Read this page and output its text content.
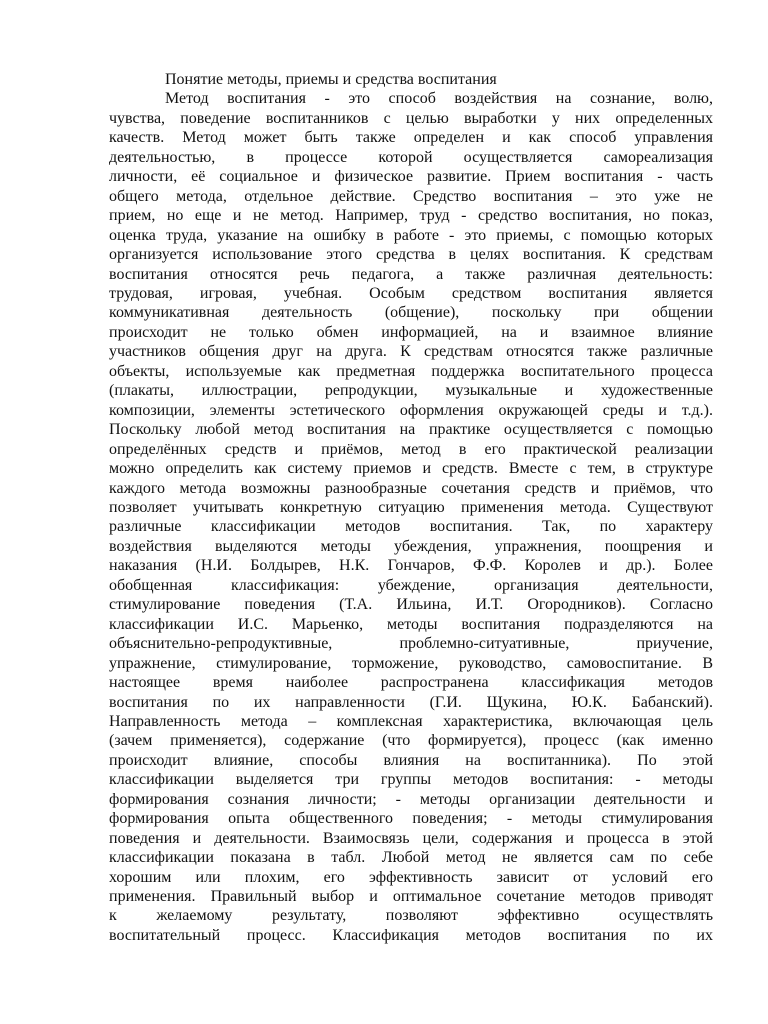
Понятие методы, приемы и средства воспитания
Метод воспитания - это способ воздействия на сознание, волю,
чувства, поведение воспитанников с целью выработки у них определенных
качеств. Метод может быть также определен и как способ управления
деятельностью, в процессе которой осуществляется самореализация
личности, её социальное и физическое развитие. Прием воспитания - часть
общего метода, отдельное действие. Средство воспитания – это уже не
прием, но еще и не метод. Например, труд - средство воспитания, но показ,
оценка труда, указание на ошибку в работе - это приемы, с помощью которых
организуется использование этого средства в целях воспитания. К средствам
воспитания относятся речь педагога, а также различная деятельность:
трудовая, игровая, учебная. Особым средством воспитания является
коммуникативная деятельность (общение), поскольку при общении
происходит не только обмен информацией, на и взаимное влияние
участников общения друг на друга. К средствам относятся также различные
объекты, используемые как предметная поддержка воспитательного процесса
(плакаты, иллюстрации, репродукции, музыкальные и художественные
композиции, элементы эстетического оформления окружающей среды и т.д.).
Поскольку любой метод воспитания на практике осуществляется с помощью
определённых средств и приёмов, метод в его практической реализации
можно определить как систему приемов и средств. Вместе с тем, в структуре
каждого метода возможны разнообразные сочетания средств и приёмов, что
позволяет учитывать конкретную ситуацию применения метода. Существуют
различные классификации методов воспитания. Так, по характеру
воздействия выделяются методы убеждения, упражнения, поощрения и
наказания (Н.И. Болдырев, Н.К. Гончаров, Ф.Ф. Королев и др.). Более
обобщенная классификация: убеждение, организация деятельности,
стимулирование поведения (Т.А. Ильина, И.Т. Огородников). Согласно
классификации И.С. Марьенко, методы воспитания подразделяются на
объяснительно-репродуктивные, проблемно-ситуативные, приучение,
упражнение, стимулирование, торможение, руководство, самовоспитание. В
настоящее время наиболее распространена классификация методов
воспитания по их направленности (Г.И. Щукина, Ю.К. Бабанский).
Направленность метода – комплексная характеристика, включающая цель
(зачем применяется), содержание (что формируется), процесс (как именно
происходит влияние, способы влияния на воспитанника). По этой
классификации выделяется три группы методов воспитания: - методы
формирования сознания личности; - методы организации деятельности и
формирования опыта общественного поведения; - методы стимулирования
поведения и деятельности. Взаимосвязь цели, содержания и процесса в этой
классификации показана в табл. Любой метод не является сам по себе
хорошим или плохим, его эффективность зависит от условий его
применения. Правильный выбор и оптимальное сочетание методов приводят
к желаемому результату, позволяют эффективно осуществлять
воспитательный процесс. Классификация методов воспитания по их
